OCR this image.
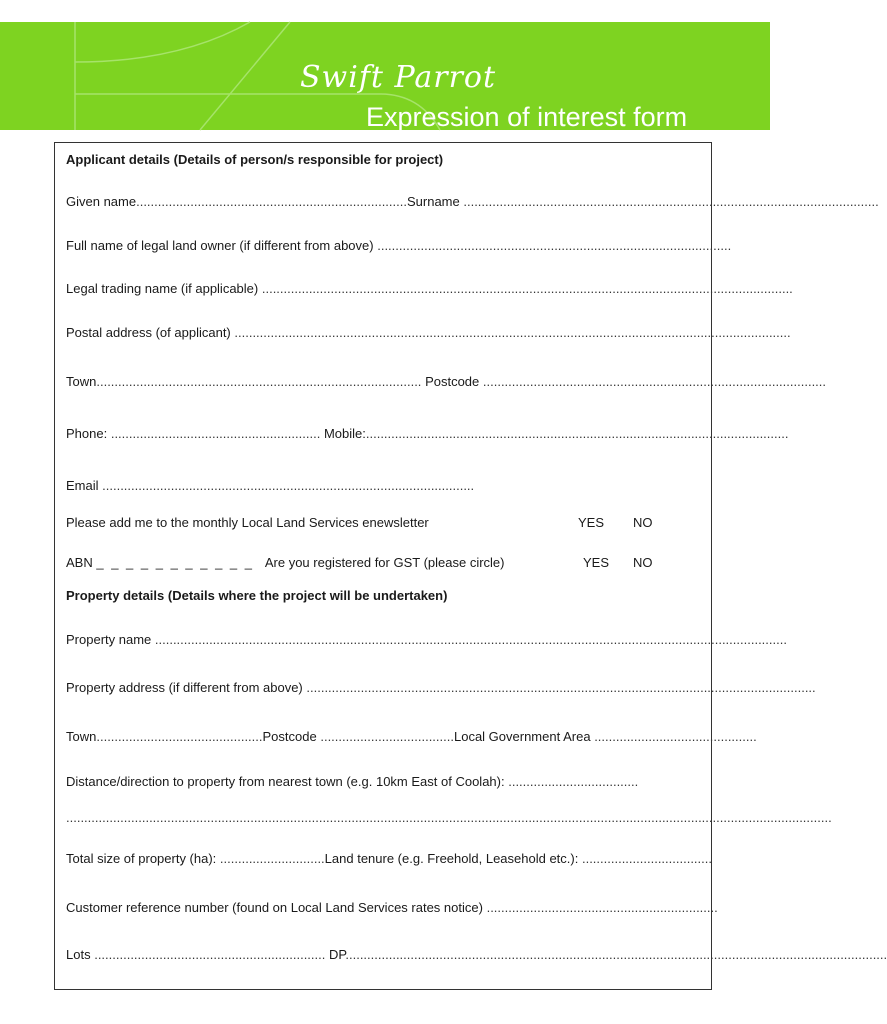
Swift Parrot
Expression of interest form
Applicant details (Details of person/s responsible for project)
Given name...........................................................................Surname ...................................................................................................................
Full name of legal land owner (if different from above) ..................................................................................................
Legal trading name (if applicable) ...................................................................................................................................................
Postal address (of applicant) ..........................................................................................................................................................
Town.......................................................................................... Postcode ...............................................................................................
Phone: .......................................................... Mobile:.....................................................................................................................
Email .......................................................................................................
Please add me to the monthly Local Land Services enewsletter	YES NO
ABN _ _ _ _ _ _ _ _ _ _ _ Are you registered for GST (please circle)	YES NO
Property details (Details where the project will be undertaken)
Property name ...............................................................................................................................................................................
Property address (if different from above) .............................................................................................................................................
Town..............................................Postcode .....................................Local Government Area .............................................
Distance/direction to property from nearest town (e.g. 10km East of Coolah): ....................................
....................................................................................................................................................................................................................
Total size of property (ha): .............................Land tenure (e.g. Freehold, Leasehold etc.): ....................................
Customer reference number (found on Local Land Services rates notice) ................................................................
Lots ................................................................ DP......................................................................................................................................................
